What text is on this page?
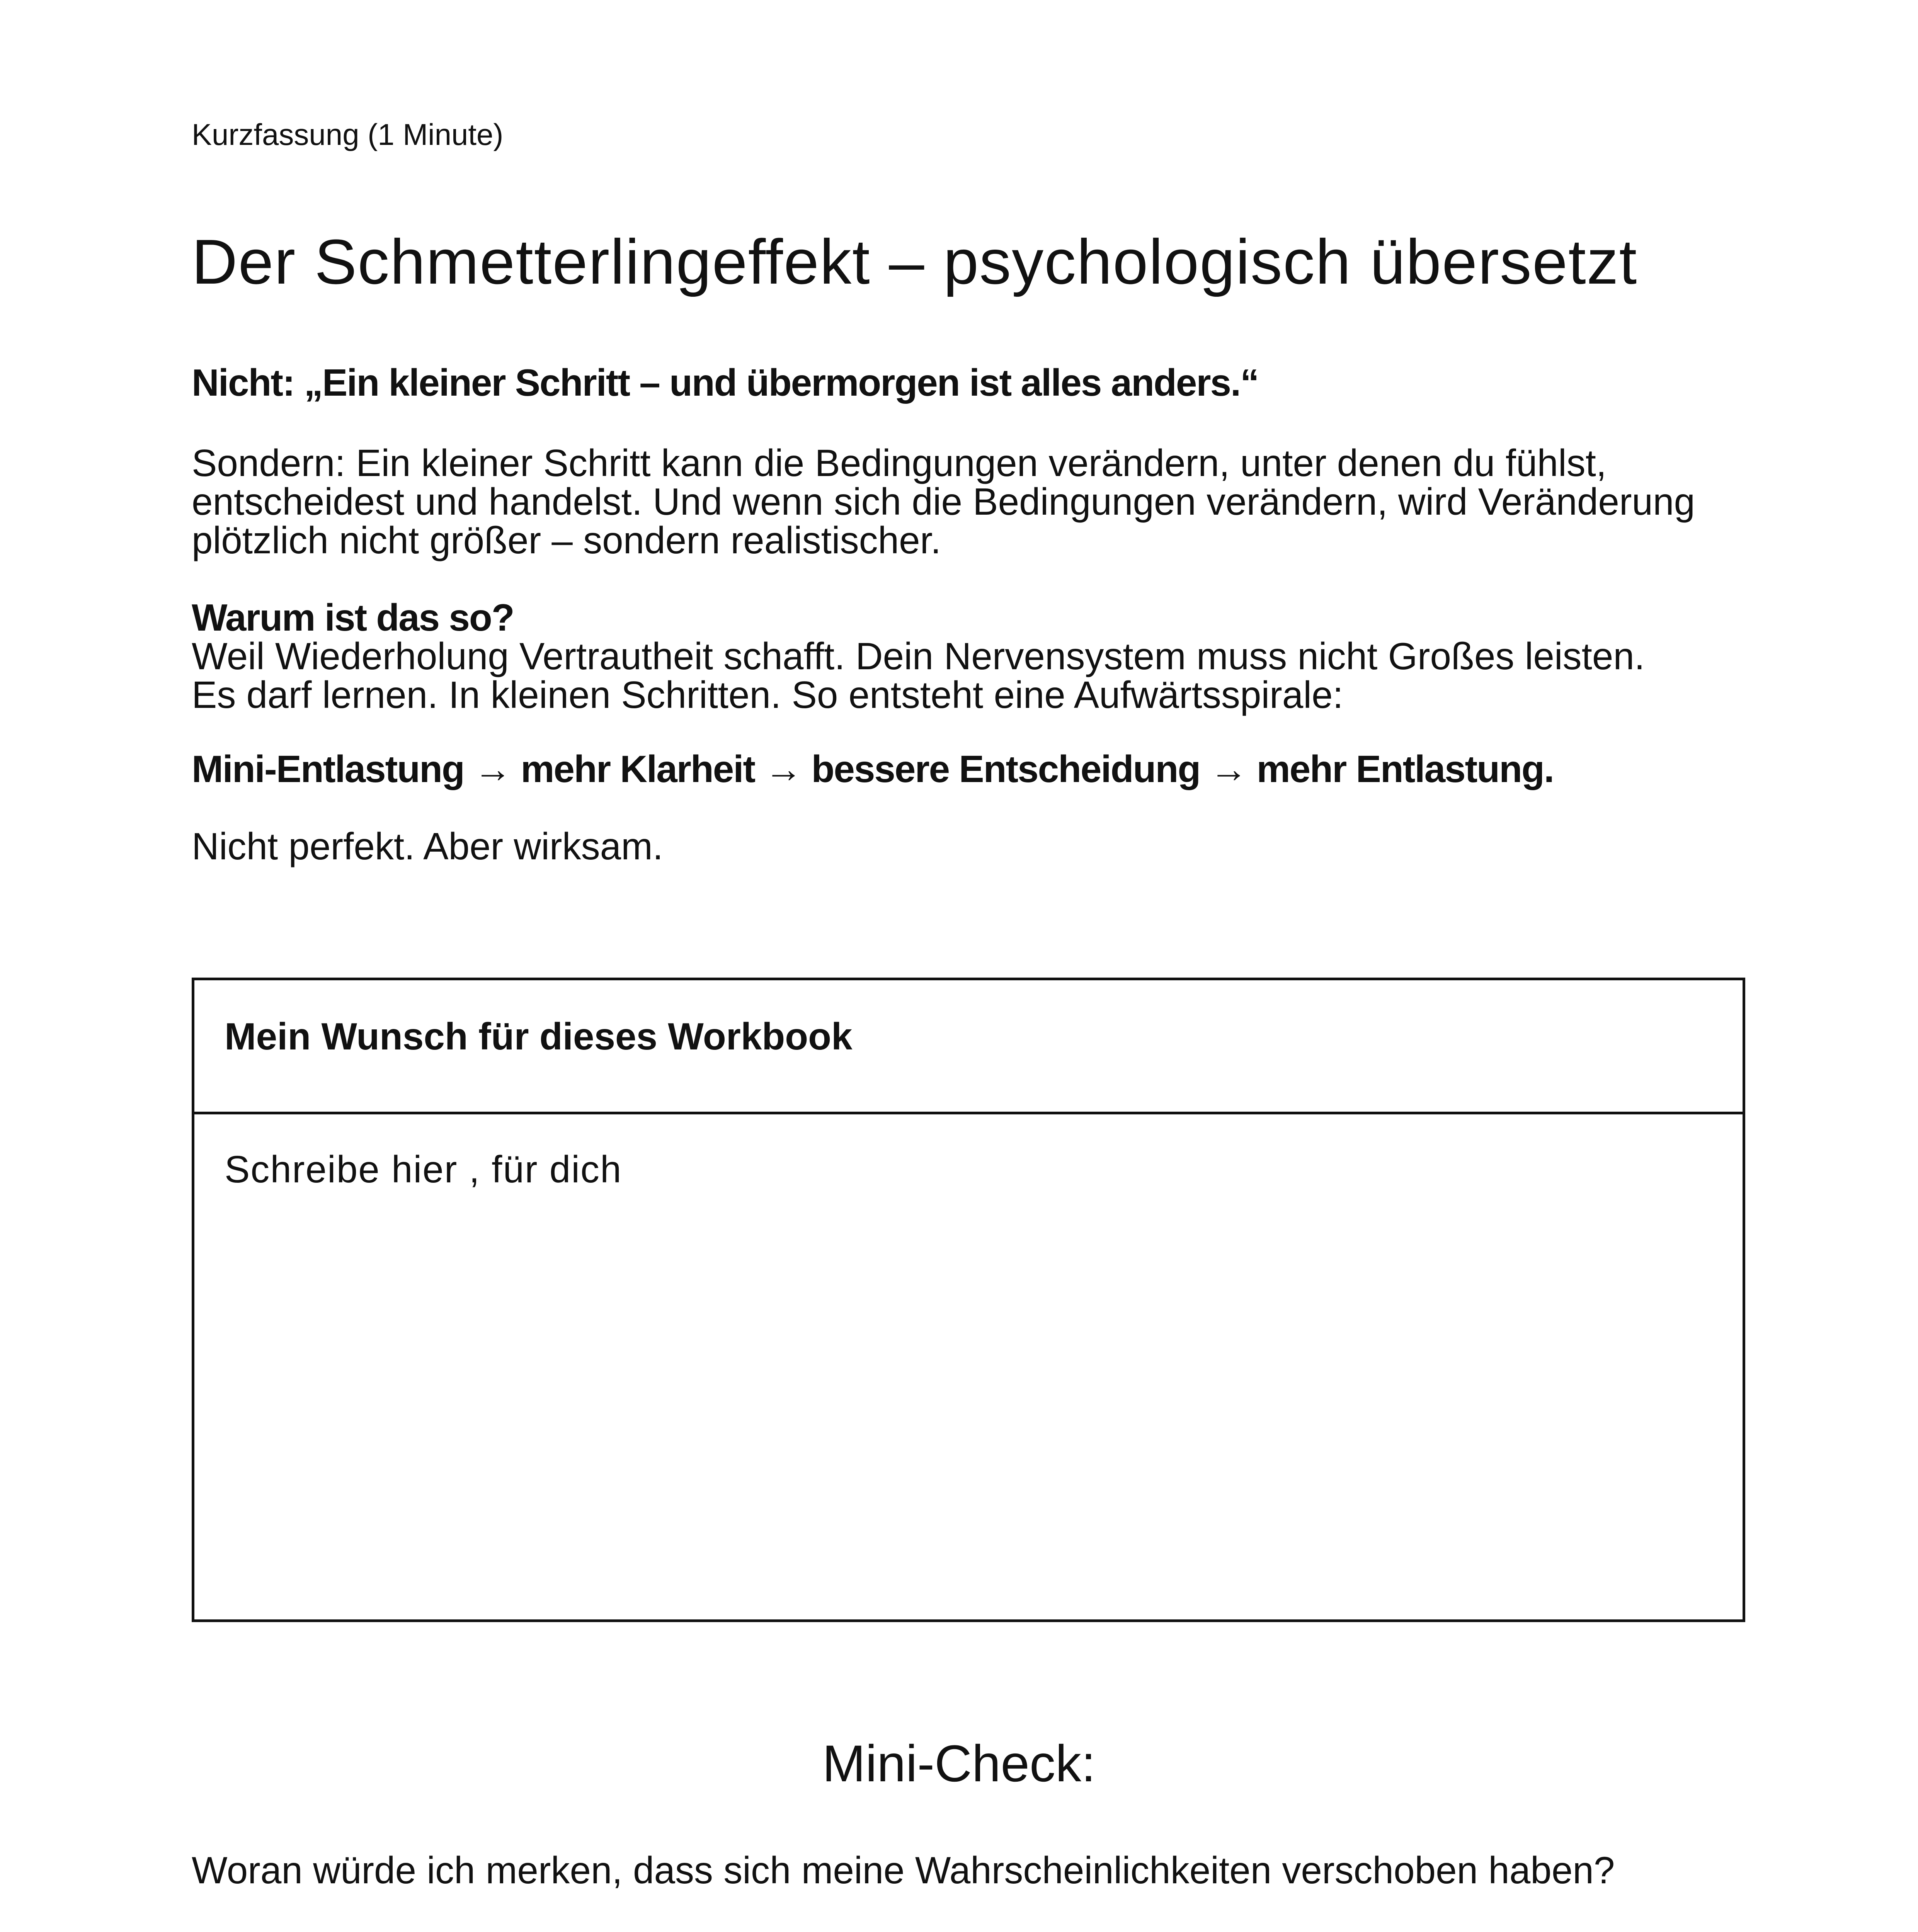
Kurzfassung (1 Minute)

Der Schmetterlingeffekt – psychologisch übersetzt

Nicht: „Ein kleiner Schritt – und übermorgen ist alles anders.“

Sondern: Ein kleiner Schritt kann die Bedingungen verändern, unter denen du fühlst,
entscheidest und handelst. Und wenn sich die Bedingungen verändern, wird Veränderung
plötzlich nicht größer – sondern realistischer.
Warum ist das so?
Weil Wiederholung Vertrautheit schafft. Dein Nervensystem muss nicht Großes leisten.
Es darf lernen. In kleinen Schritten. So entsteht eine Aufwärtsspirale:

Mini-Entlastung → mehr Klarheit → bessere Entscheidung → mehr Entlastung.

Nicht perfekt. Aber wirksam.

Mein Wunsch für dieses Workbook
Schreibe hier , für dich
Mini-Check:

Woran würde ich merken, dass sich meine Wahrscheinlichkeiten verschoben haben?
